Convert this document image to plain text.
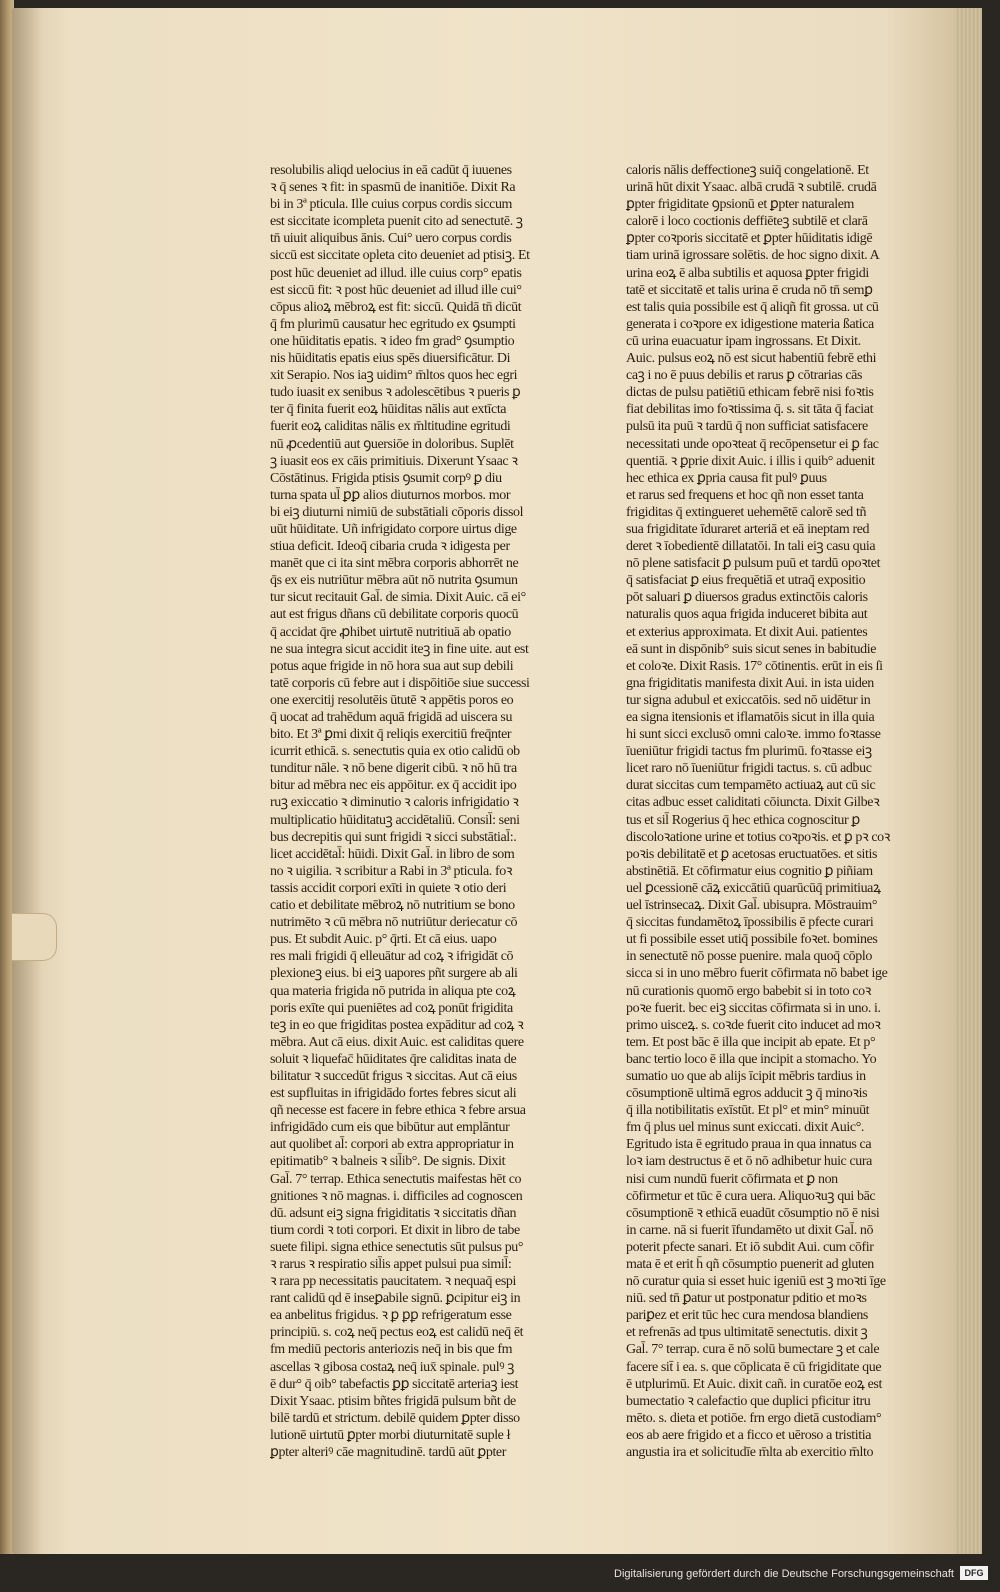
resolubilis aliqd uelocius in eā cadūt q̄ iuuenes
ꝛ q̄ senes ꝛ fit: in spasmū de inanitiōe. Dixit Ra
bi in 3ª pticula. Ille cuius corpus cordis siccum
est siccitate icompleta puenit cito ad senectutē. ꝫ
tn̄ uiuit aliquibus ānis. Cui° uero corpus cordis
siccū est siccitate opleta cito deueniet ad ptisiꝫ. Et
post hūc deueniet ad illud. ille cuius corp° epatis
est siccū fit: ꝛ post hūc deueniet ad illud ille cui°
cōpus alioꝝ mēbroꝝ est fit: siccū. Quidā tn̄ dicūt
q̄ fm plurimū causatur hec egritudo ex ꝯsumpti
one hūiditatis epatis. ꝛ ideo fm grad° ꝯsumptio
nis hūiditatis epatis eius spēs diuersificātur. Di
xit Serapio. Nos iaꝫ uidim° m̄ltos quos hec egri
tudo iuasit ex senibus ꝛ adolescētibus ꝛ pueris ꝑ
ter q̄ finita fuerit eoꝝ hūiditas nālis aut extīcta
fuerit eoꝝ caliditas nālis ex m̄ltitudine egritudi
nū ꝓcedentiū aut ꝯuersiōe in doloribus. Suplēt
ꝫ iuasit eos ex cāis primitiuis. Dixerunt Ysaac ꝛ
Cōstātinus. Frigida ptisis ꝯsumit corpꝰ ꝑ diu
turna spata ul̄ ꝑꝑ alios diuturnos morbos. mor
bi eiꝫ diuturni nimiū de substātiali cōporis dissol
uūt hūiditate. Uñ infrigidato corpore uirtus dige
stiua deficit. Ideoq̄ cibaria cruda ꝛ idigesta per
manēt que ci ita sint mēbra corporis abhorrēt ne
q̄s ex eis nutriūtur mēbra aūt nō nutrita ꝯsumun
tur sicut recitauit Gal̄. de simia. Dixit Auic. cā ei°
aut est frigus dñans cū debilitate corporis quocū
q̄ accidat q̄re ꝓhibet uirtutē nutritiuā ab opatio
ne sua integra sicut accidit iteꝫ in fine uite. aut est
potus aque frigide in nō hora sua aut sup debili
tatē corporis cū febre aut i dispōitiōe siue successi
one exercitij resolutēis ūtutē ꝛ appētis poros eo
q̄ uocat ad trahēdum aquā frigidā ad uiscera su
bito. Et 3ª ꝑmi dixit q̄ reliqis exercitiū freq̄nter
icurrit ethicā. s. senectutis quia ex otio calidū ob
tunditur nāle. ꝛ nō bene digerit cibū. ꝛ nō hū tra
bitur ad mēbra nec eis appōitur. ex q̄ accidit ipo
ruꝫ exiccatio ꝛ diminutio ꝛ caloris infrigidatio ꝛ
multiplicatio hūiditatuꝫ accidētaliū. Consil̄: seni
bus decrepitis qui sunt frigidi ꝛ sicci substātial̄:.
licet accidētal̄: hūidi. Dixit Gal̄. in libro de som
no ꝛ uigilia. ꝛ scribitur a Rabi in 3ª pticula. foꝛ
tassis accidit corpori exīti in quiete ꝛ otio deri
catio et debilitate mēbroꝝ nō nutritium se bono
nutrimēto ꝛ cū mēbra nō nutriūtur deriecatur cō
pus. Et subdit Auic. p° q̄rti. Et cā eius. uapo
res mali frigidi q̄ elleuātur ad coꝝ ꝛ ifrigidāt cō
plexioneꝫ eius. bi eiꝫ uapores pñt surgere ab ali
qua materia frigida nō putrida in aliqua pte coꝝ
poris exīte qui pueniētes ad coꝝ ponūt frigidita
teꝫ in eo que frigiditas postea expāditur ad coꝝ ꝛ
mēbra. Aut cā eius. dixit Auic. est caliditas quere
soluit ꝛ liquefac̄ hūiditates q̄re caliditas inata de
bilitatur ꝛ succedūt frigus ꝛ siccitas. Aut cā eius
est supfluitas in ifrigidādo fortes febres sicut ali
qñ necesse est facere in febre ethica ꝛ febre arsua
infrigidādo cum eis que bibūtur aut emplāntur
aut quolibet al̄: corpori ab extra appropriatur in
epitimatib° ꝛ balneis ꝛ sil̄ib°. De signis. Dixit
Gal̄. 7° terrap. Ethica senectutis maifestas hēt co
gnitiones ꝛ nō magnas. i. difficiles ad cognoscen
dū. adsunt eiꝫ signa frigiditatis ꝛ siccitatis dñan
tium cordi ꝛ toti corpori. Et dixit in libro de tabe
suete filipi. signa ethice senectutis sūt pulsus pu°
ꝛ rarus ꝛ respiratio sil̄is appet pulsui pua simil̄:
ꝛ rara pp necessitatis paucitatem. ꝛ nequaq̄ espi
rant calidū qd ē inseꝑabile signū. ꝑcipitur eiꝫ in
ea anbelitus frigidus. ꝛ ꝑ ꝑꝑ refrigeratum esse
principiū. s. coꝝ neq̄ pectus eoꝝ est calidū neq̄ ēt
fm mediū pectoris anteriozis neq̄ in bis que fm
ascellas ꝛ gibosa costaꝝ neq̄ iux̄ spinale. pulꝰ ꝫ
ē dur° q̄ oib° tabefactis ꝑꝑ siccitatē arteriaꝫ iest
Dixit Ysaac. ptisim bñtes frigidā pulsum bñt de
bilē tardū et strictum. debilē quidem ꝑpter disso
lutionē uirtutū ꝑpter morbi diuturnitatē suple ł
ꝑpter alteriꝰ cāe magnitudinē. tardū aūt ꝑpter
caloris nālis deffectioneꝫ suiq̄ congelationē. Et
urinā hūt dixit Ysaac. albā crudā ꝛ subtilē. crudā
ꝑpter frigiditate ꝯpsionū et ꝑpter naturalem
calorē i loco coctionis deffiēteꝫ subtilē et clarā
ꝑpter coꝛporis siccitatē et ꝑpter hūiditatis idigē
tiam urinā igrossare solētis. de hoc signo dixit. A
urina eoꝝ ē alba subtilis et aquosa ꝑpter frigidi
tatē et siccitatē et talis urina ē cruda nō tn̄ semꝑ
est talis quia possibile est q̄ aliqñ fit grossa. ut cū
generata i coꝛpore ex idigestione materia ßatica
cū urina euacuatur ipam ingrossans. Et Dixit.
Auic. pulsus eoꝝ nō est sicut habentiū febrē ethi
caꝫ i no ē puus debilis et rarus ꝑ cōtrarias cās
dictas de pulsu patiētiū ethicam febrē nisi foꝛtis
fiat debilitas imo foꝛtissima q̄. s. sit tāta q̄ faciat
pulsū ita puū ꝛ tardū q̄ non sufficiat satisfacere
necessitati unde opoꝛteat q̄ recōpensetur ei ꝑ fac
quentiā. ꝛ ꝑprie dixit Auic. i illis i quib° aduenit
hec ethica ex ꝑpria causa fit pulꝰ ꝑuus
et rarus sed frequens et hoc qñ non esset tanta
frigiditas q̄ extingueret uehemētē calorē sed tñ
sua frigiditate īduraret arteriā et eā ineptam red
deret ꝛ īobedientē dillatatōi. In tali eiꝫ casu quia
nō plene satisfacit ꝑ pulsum puū et tardū opoꝛtet
q̄ satisfaciat ꝑ eius frequētiā et utraq̄ expositio
pōt saluari ꝑ diuersos gradus extinctōis caloris
naturalis quos aqua frigida induceret bibita aut
et exterius approximata. Et dixit Aui. patientes
eā sunt in dispōnib° suis sicut senes in babitudie
et coloꝛe. Dixit Rasis. 17° cōtinentis. erūt in eis ſi
gna frigiditatis manifesta dixit Aui. in ista uiden
tur signa adubul et exiccatōis. sed nō uidētur in
ea signa itensionis et iflamatōis sicut in illa quia
hi sunt sicci exclusō omni caloꝛe. immo foꝛtasse
īueniūtur frigidi tactus fm plurimū. foꝛtasse eiꝫ
licet raro nō īueniūtur frigidi tactus. s. cū adbuc
durat siccitas cum tempamēto actiuaꝝ aut cū sic
citas adbuc esset caliditati cōiuncta. Dixit Gilbeꝛ
tus et sil̄ Rogerius q̄ hec ethica cognoscitur ꝑ
discoloꝛatione urine et totius coꝛpoꝛis. et ꝑ pꝛ coꝛ
poꝛis debilitatē et ꝑ acetosas eructuatōes. et sitis
abstinētiā. Et cōfirmatur eius cognitio ꝑ piñiam
uel ꝑcessionē cāꝝ exiccātiū quarūcūq̄ primitiuaꝝ
uel īstrinsecaꝝ. Dixit Gal̄. ubisupra. Mōstrauim°
q̄ siccitas fundamētoꝝ īpossibilis ē pfecte curari
ut fi possibile esset utiq̄ possibile foꝛet. bomines
in senectutē nō posse puenire. mala quoq̄ cōplo
sicca si in uno mēbro fuerit cōfirmata nō babet ige
nū curationis quomō ergo babebit si in toto coꝛ
poꝛe fuerit. bec eiꝫ siccitas cōfirmata si in uno. i.
primo uisceꝝ. s. coꝛde fuerit cito inducet ad moꝛ
tem. Et post bāc ē illa que incipit ab epate. Et p°
banc tertio loco ē illa que incipit a stomacho. Yo
sumatio uo que ab alijs īcipit mēbris tardius in
cōsumptionē ultimā egros adducit ꝫ q̄ minoꝛis
q̄ illa notibilitatis exīstūt. Et pl° et min° minuūt
fm q̄ plus uel minus sunt exiccati. dixit Auic°.
Egritudo ista ē egritudo praua in qua innatus ca
loꝛ iam destructus ē et ō nō adhibetur huic cura
nisi cum nundū fuerit cōfirmata et ꝑ non
cōfirmetur et tūc ē cura uera. Aliquoꝛuꝫ qui bāc
cōsumptionē ꝛ ethicā euadūt cōsumptio nō ē nisi
in carne. nā si fuerit īfundamēto ut dixit Gal̄. nō
poterit pfecte sanari. Et iō subdit Aui. cum cōfir
mata ē et erit h̄ qñ cōsumptio puenerit ad gluten
nō curatur quia si esset huic igeniū est ꝫ moꝛti īge
niū. sed tn̄ ꝑatur ut postponatur pditio et moꝛs
pariꝑez et erit tūc hec cura mendosa blandiens
et refrenās ad tpus ultimitatē senectutis. dixit ꝫ
Gal̄. 7° terrap. cura ē nō solū bumectare ꝫ et cale
facere sit̄ i ea. s. que cōplicata ē cū frigiditate que
ē utplurimū. Et Auic. dixit cañ. in curatōe eoꝝ est
bumectatio ꝛ calefactio que duplici pficitur itru
mēto. s. dieta et potiōe. frn ergo dietā custodiam°
eos ab aere frigido et a ficco et uēroso a tristitia
angustia ira et solicitudīe m̄lta ab exercitio m̄lto
Digitalisierung gefördert durch die Deutsche Forschungsgemeinschaft	DFG
